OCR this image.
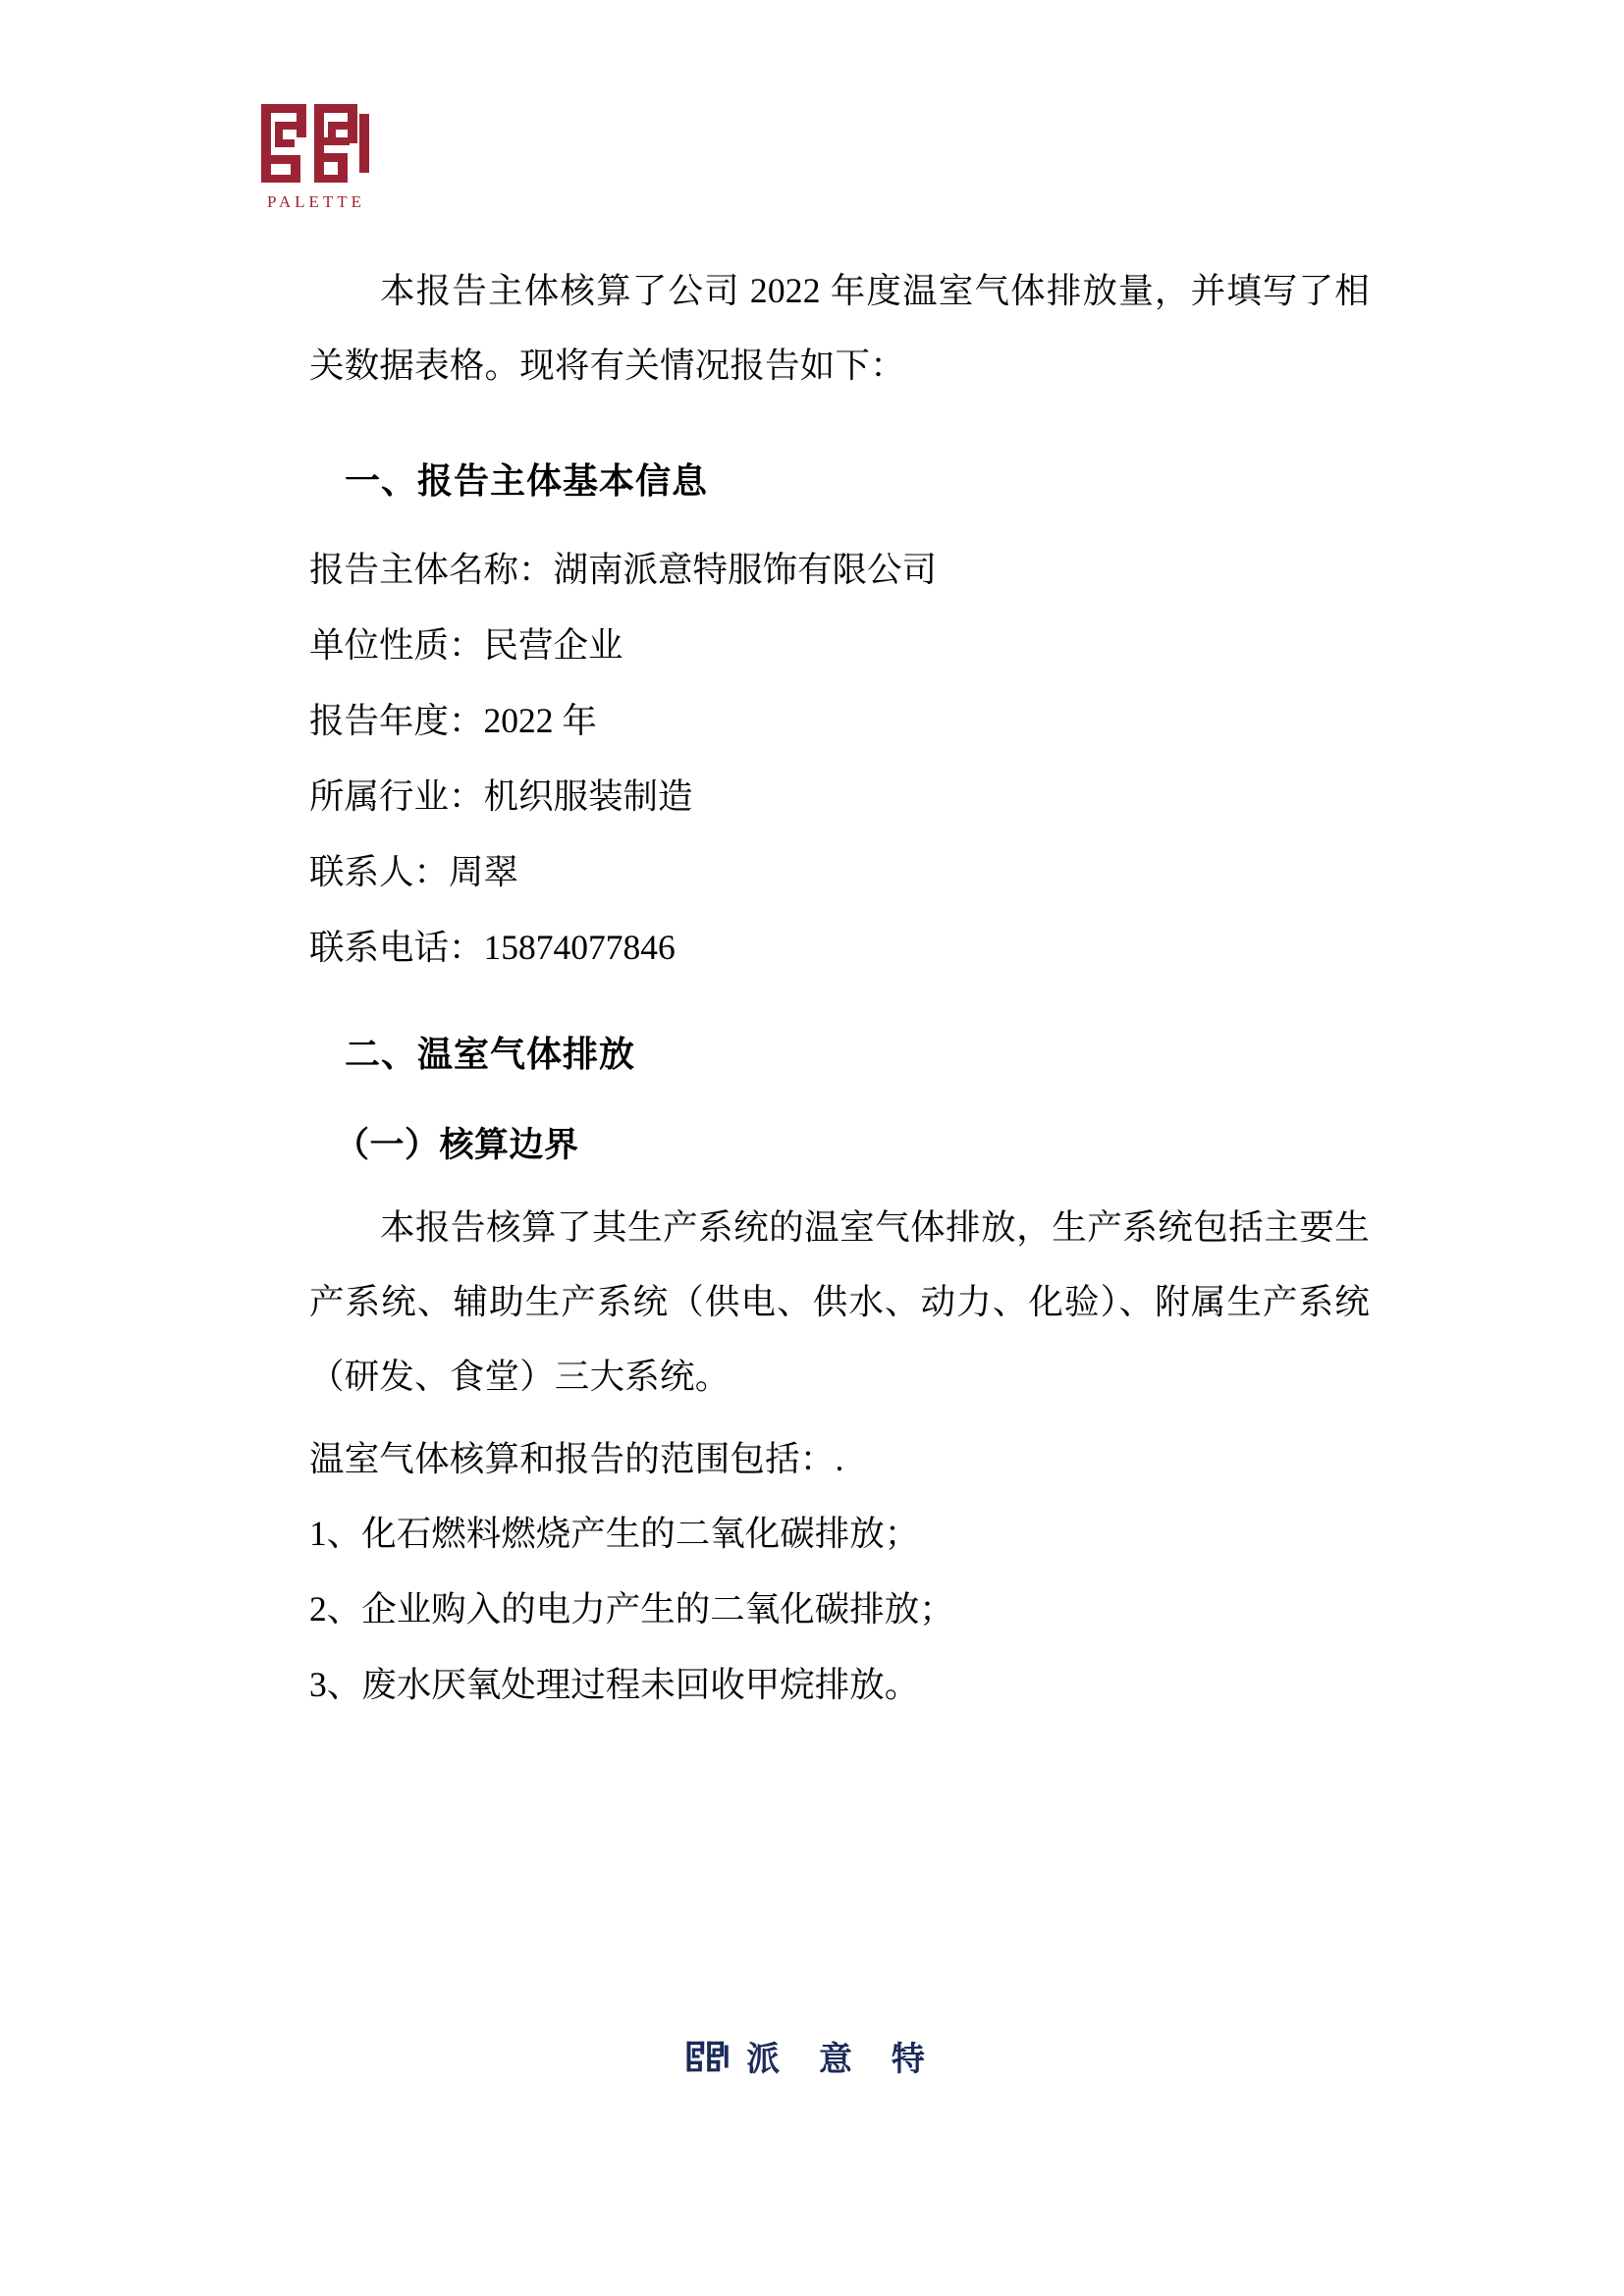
PALETTE

本报告主体核算了公司 2022 年度温室气体排放量，并填写了相关数据表格。现将有关情况报告如下：

一、报告主体基本信息

报告主体名称：湖南派意特服饰有限公司

单位性质：民营企业

报告年度：2022 年

所属行业：机织服装制造

联系人：周翠

联系电话：15874077846

二、温室气体排放
（一）核算边界

本报告核算了其生产系统的温室气体排放，生产系统包括主要生产系统、辅助生产系统（供电、供水、动力、化验）、附属生产系统（研发、食堂）三大系统。

温室气体核算和报告的范围包括：.

1、化石燃料燃烧产生的二氧化碳排放；

2、企业购入的电力产生的二氧化碳排放；

3、废水厌氧处理过程未回收甲烷排放。

派 意 特
